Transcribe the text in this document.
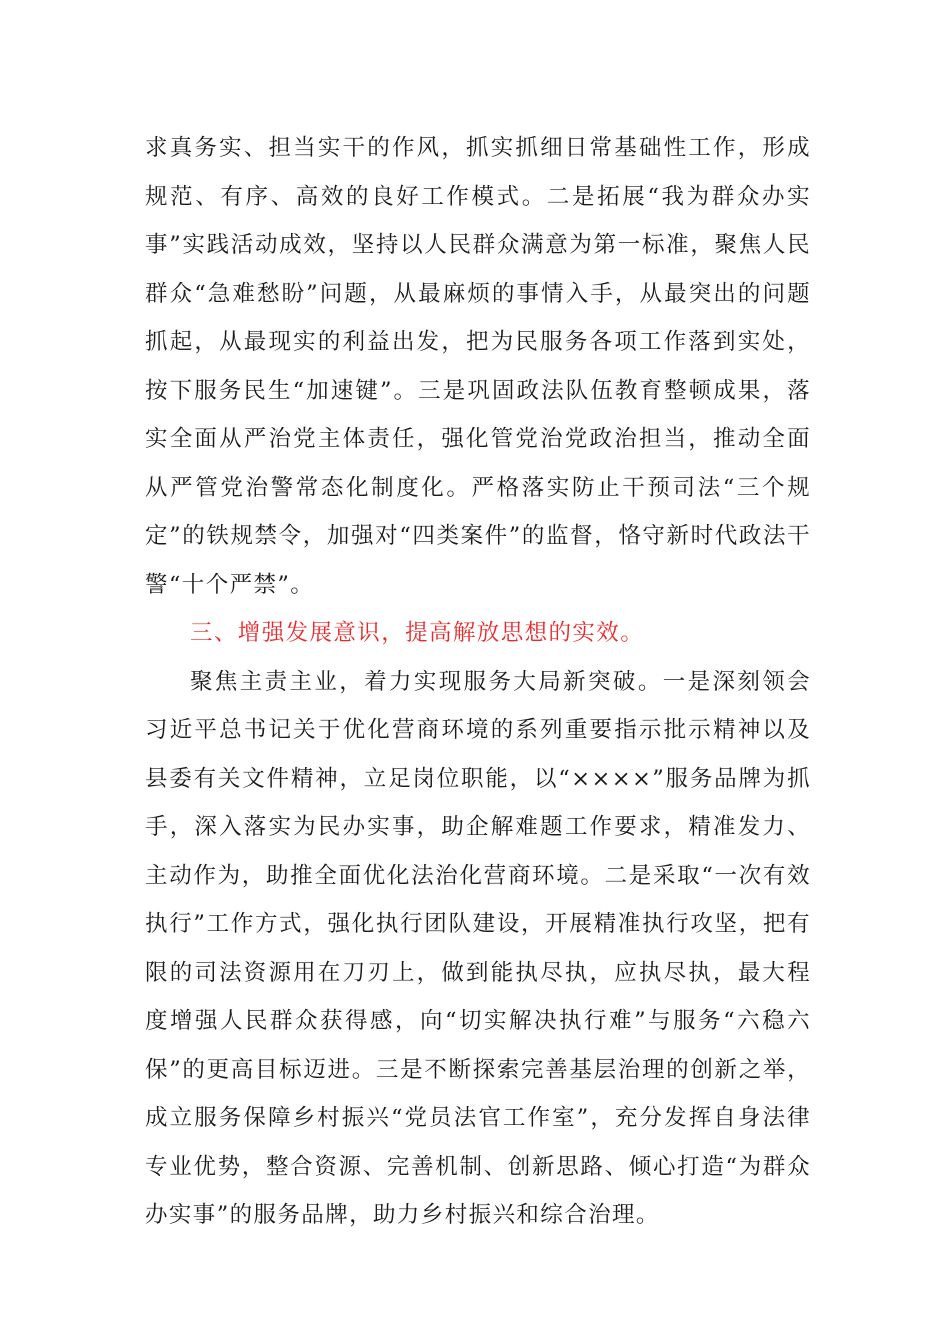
求真务实、担当实干的作风，抓实抓细日常基础性工作，形成规范、有序、高效的良好工作模式。二是拓展“我为群众办实事”实践活动成效，坚持以人民群众满意为第一标准，聚焦人民群众“急难愁盼”问题，从最麻烦的事情入手，从最突出的问题抓起，从最现实的利益出发，把为民服务各项工作落到实处，按下服务民生“加速键”。三是巩固政法队伍教育整顿成果，落实全面从严治党主体责任，强化管党治党政治担当，推动全面从严管党治警常态化制度化。严格落实防止干预司法“三个规定”的铁规禁令，加强对“四类案件”的监督，恪守新时代政法干警“十个严禁”。

三、增强发展意识，提高解放思想的实效。

聚焦主责主业，着力实现服务大局新突破。一是深刻领会习近平总书记关于优化营商环境的系列重要指示批示精神以及县委有关文件精神，立足岗位职能，以“××××”服务品牌为抓手，深入落实为民办实事，助企解难题工作要求，精准发力、主动作为，助推全面优化法治化营商环境。二是采取“一次有效执行”工作方式，强化执行团队建设，开展精准执行攻坚，把有限的司法资源用在刀刃上，做到能执尽执，应执尽执，最大程度增强人民群众获得感，向“切实解决执行难”与服务“六稳六保”的更高目标迈进。三是不断探索完善基层治理的创新之举，成立服务保障乡村振兴“党员法官工作室”，充分发挥自身法律专业优势，整合资源、完善机制、创新思路、倾心打造“为群众办实事”的服务品牌，助力乡村振兴和综合治理。
